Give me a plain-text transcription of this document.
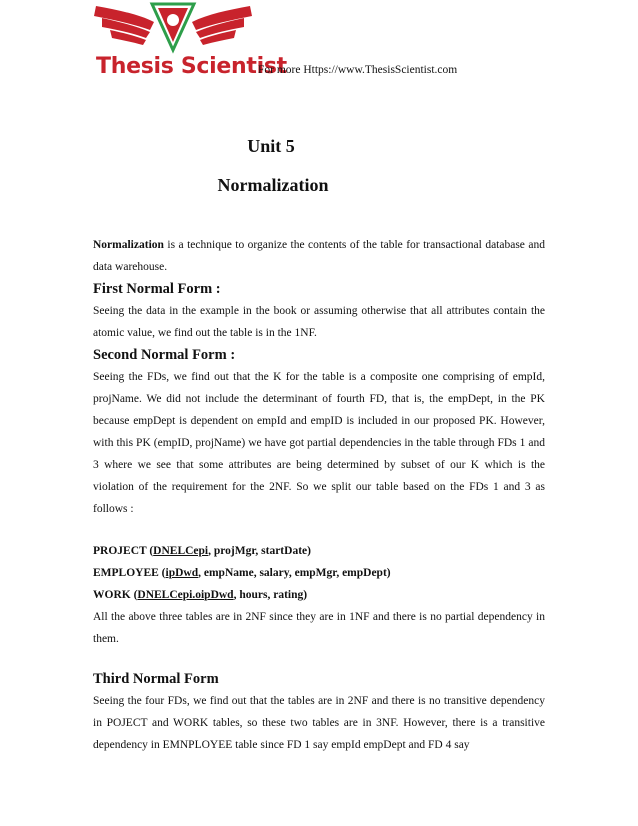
Thesis Scientist
For more Https://www.ThesisScientist.com
Unit 5
Normalization

Normalization is a technique to organize the contents of the table for transactional database and data warehouse.

First Normal Form :

Seeing the data in the example in the book or assuming otherwise that all attributes contain the atomic value, we find out the table is in the 1NF.

Second Normal Form :

Seeing the FDs, we find out that the K for the table is a composite one comprising of empId, projName. We did not include the determinant of fourth FD, that is, the empDept, in the PK because empDept is dependent on empId and empID is included in our proposed PK. However, with this PK (empID, projName) we have got partial dependencies in the table through FDs 1 and 3 where we see that some attributes are being determined by subset of our K which is the violation of the requirement for the 2NF. So we split our table based on the FDs 1 and 3 as follows :

PROJECT (DNELCepi, projMgr, startDate)
EMPLOYEE (ipDwd, empName, salary, empMgr, empDept)
WORK (DNELCepi.oipDwd, hours, rating)

All the above three tables are in 2NF since they are in 1NF and there is no partial dependency in them.

Third Normal Form

Seeing the four FDs, we find out that the tables are in 2NF and there is no transitive dependency in POJECT and WORK tables, so these two tables are in 3NF. However, there is a transitive dependency in EMNPLOYEE table since FD 1 say empId empDept and FD 4 say
